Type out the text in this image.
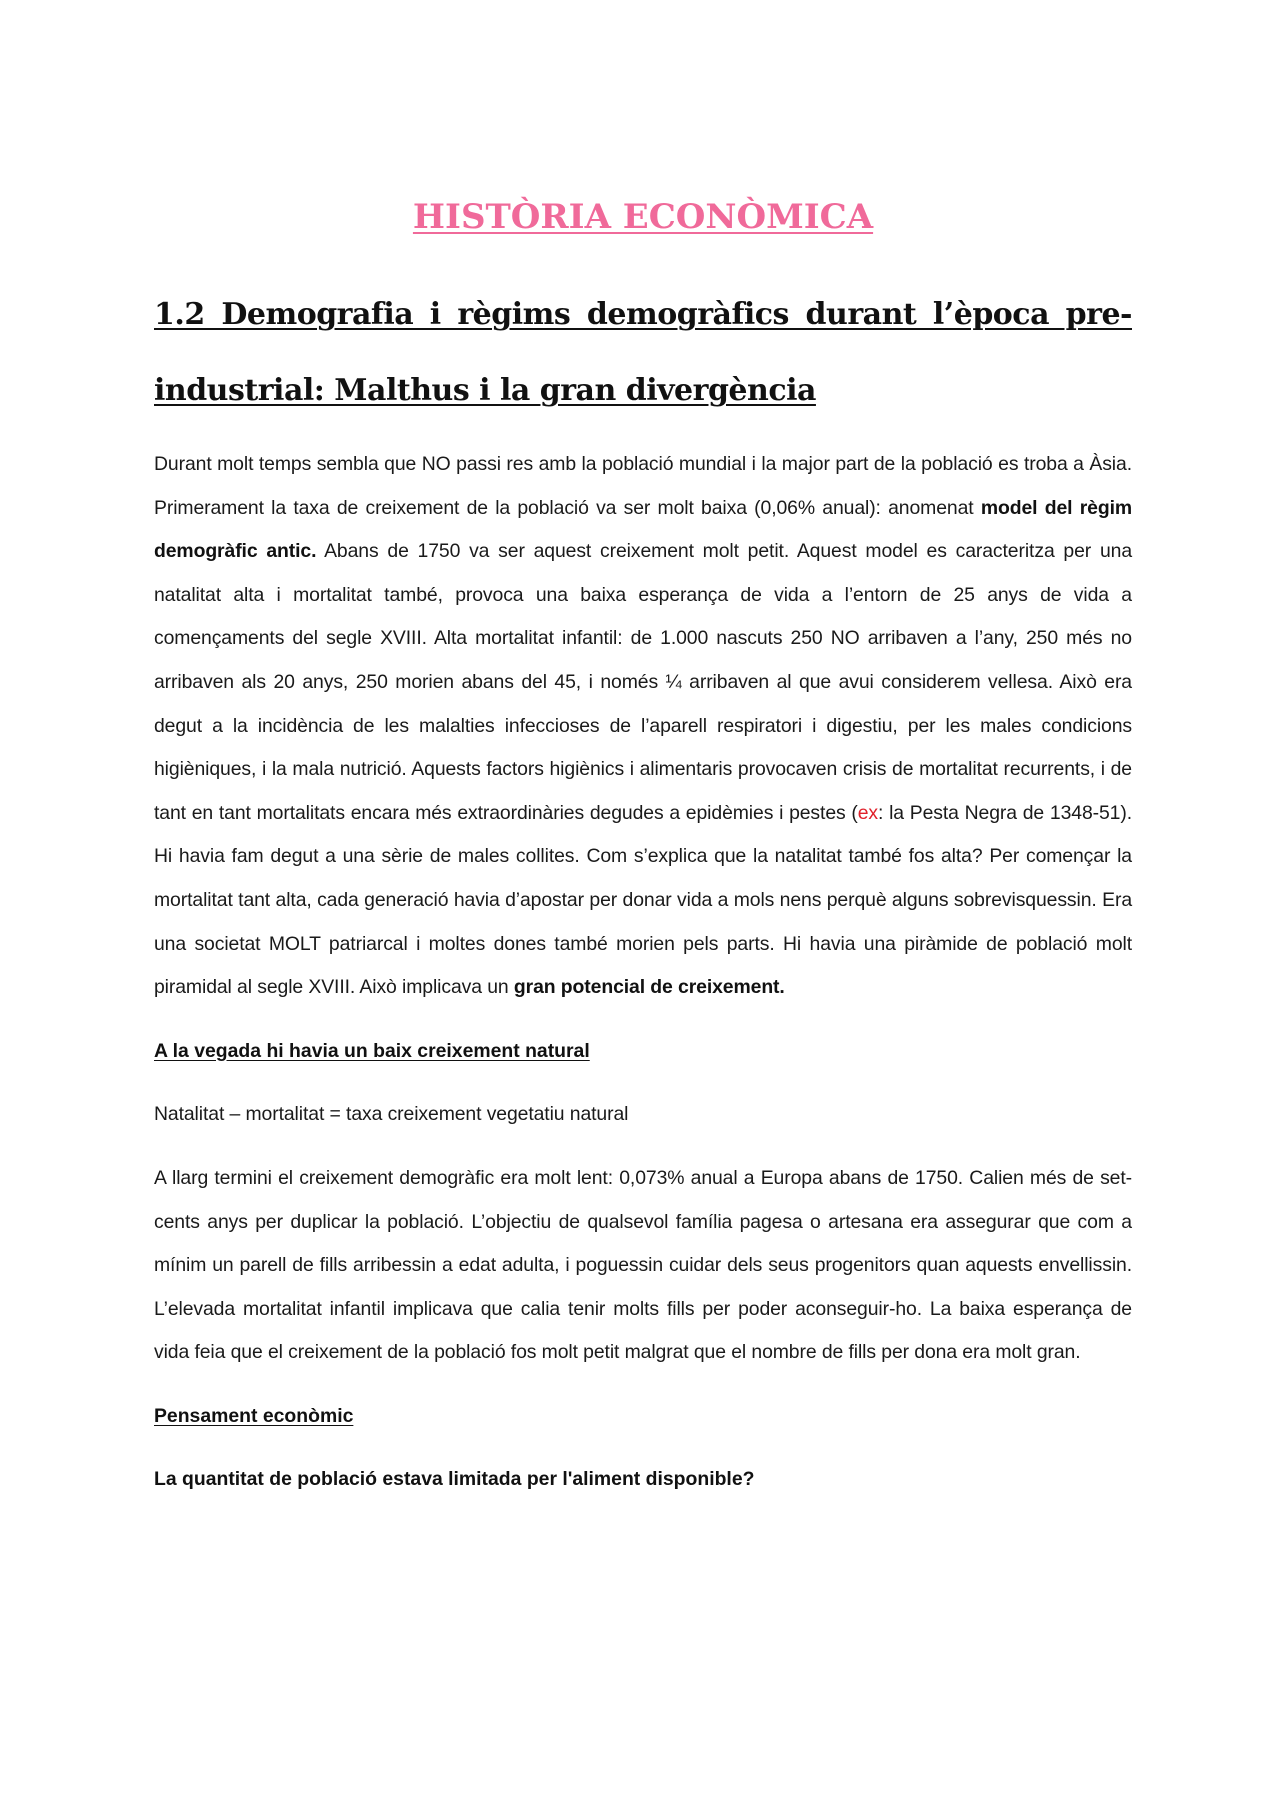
HISTÒRIA ECONÒMICA
1.2 Demografia i règims demogràfics durant l’època pre-industrial: Malthus i la gran divergència

Durant molt temps sembla que NO passi res amb la població mundial i la major part de la població es troba a Àsia. Primerament la taxa de creixement de la població va ser molt baixa (0,06% anual): anomenat model del règim demogràfic antic. Abans de 1750 va ser aquest creixement molt petit. Aquest model es caracteritza per una natalitat alta i mortalitat també, provoca una baixa esperança de vida a l’entorn de 25 anys de vida a començaments del segle XVIII. Alta mortalitat infantil: de 1.000 nascuts 250 NO arribaven a l’any, 250 més no arribaven als 20 anys, 250 morien abans del 45, i només ¼ arribaven al que avui considerem vellesa. Això era degut a la incidència de les malalties infeccioses de l’aparell respiratori i digestiu, per les males condicions higièniques, i la mala nutrició. Aquests factors higiènics i alimentaris provocaven crisis de mortalitat recurrents, i de tant en tant mortalitats encara més extraordinàries degudes a epidèmies i pestes (ex: la Pesta Negra de 1348-51). Hi havia fam degut a una sèrie de males collites. Com s’explica que la natalitat també fos alta? Per començar la mortalitat tant alta, cada generació havia d’apostar per donar vida a mols nens perquè alguns sobrevisquessin. Era una societat MOLT patriarcal i moltes dones també morien pels parts. Hi havia una piràmide de població molt piramidal al segle XVIII. Això implicava un gran potencial de creixement.

A la vegada hi havia un baix creixement natural

Natalitat – mortalitat = taxa creixement vegetatiu natural

A llarg termini el creixement demogràfic era molt lent: 0,073% anual a Europa abans de 1750. Calien més de set-cents anys per duplicar la població. L’objectiu de qualsevol família pagesa o artesana era assegurar que com a mínim un parell de fills arribessin a edat adulta, i poguessin cuidar dels seus progenitors quan aquests envellissin. L’elevada mortalitat infantil implicava que calia tenir molts fills per poder aconseguir-ho. La baixa esperança de vida feia que el creixement de la població fos molt petit malgrat que el nombre de fills per dona era molt gran.

Pensament econòmic

La quantitat de població estava limitada per l'aliment disponible?
